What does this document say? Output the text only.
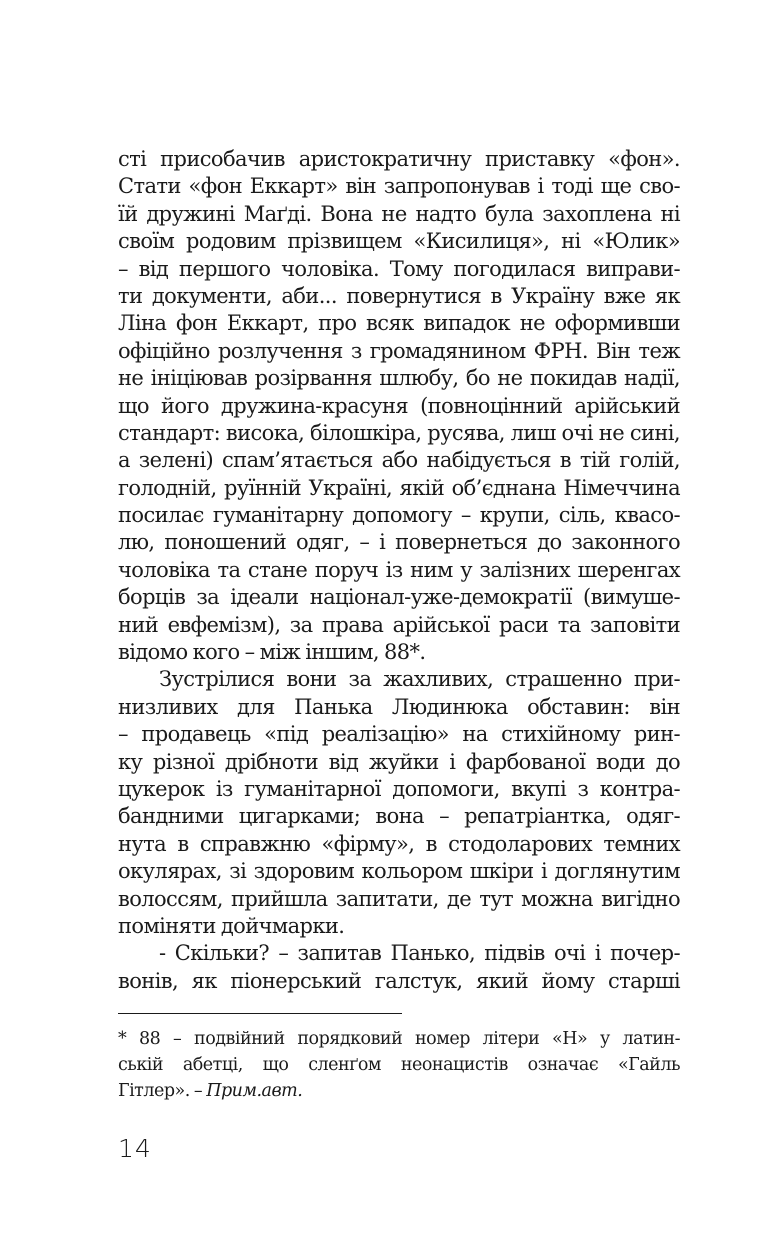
сті присобачив аристократичну приставку «фон».
Стати «фон Еккарт» він запропонував і тоді ще сво-
їй дружині Маґді. Вона не надто була захоплена ні
своїм родовим прізвищем «Кисилиця», ні «Юлик»
– від першого чоловіка. Тому погодилася виправи-
ти документи, аби... повернутися в Україну вже як
Ліна фон Еккарт, про всяк випадок не оформивши
офіційно розлучення з громадянином ФРН. Він теж
не ініціював розірвання шлюбу, бо не покидав надії,
що його дружина-красуня (повноцінний арійський
стандарт: висока, білошкіра, русява, лиш очі не сині,
а зелені) спам’ятається або набідується в тій голій,
голодній, руїнній Україні, якій об’єднана Німеччина
посилає гуманітарну допомогу – крупи, сіль, квасо-
лю, поношений одяг, – і повернеться до законного
чоловіка та стане поруч із ним у залізних шеренгах
борців за ідеали націонал-уже-демократії (вимуше-
ний евфемізм), за права арійської раси та заповіти
відомо кого – між іншим, 88*.
Зустрілися вони за жахливих, страшенно при-
низливих для Панька Людинюка обставин: він
– продавець «під реалізацію» на стихійному рин-
ку різної дрібноти від жуйки і фарбованої води до
цукерок із гуманітарної допомоги, вкупі з контра-
бандними цигарками; вона – репатріантка, одяг-
нута в справжню «фірму», в стодоларових темних
окулярах, зі здоровим кольором шкіри і доглянутим
волоссям, прийшла запитати, де тут можна вигідно
поміняти дойчмарки.
- Скільки? – запитав Панько, підвів очі і почер-
вонів, як піонерський галстук, який йому старші
* 88 – подвійний порядковий номер літери «Н» у латин-
ській абетці, що сленґом неонацистів означає «Гайль
Гітлер». – Прим.авт.
14
